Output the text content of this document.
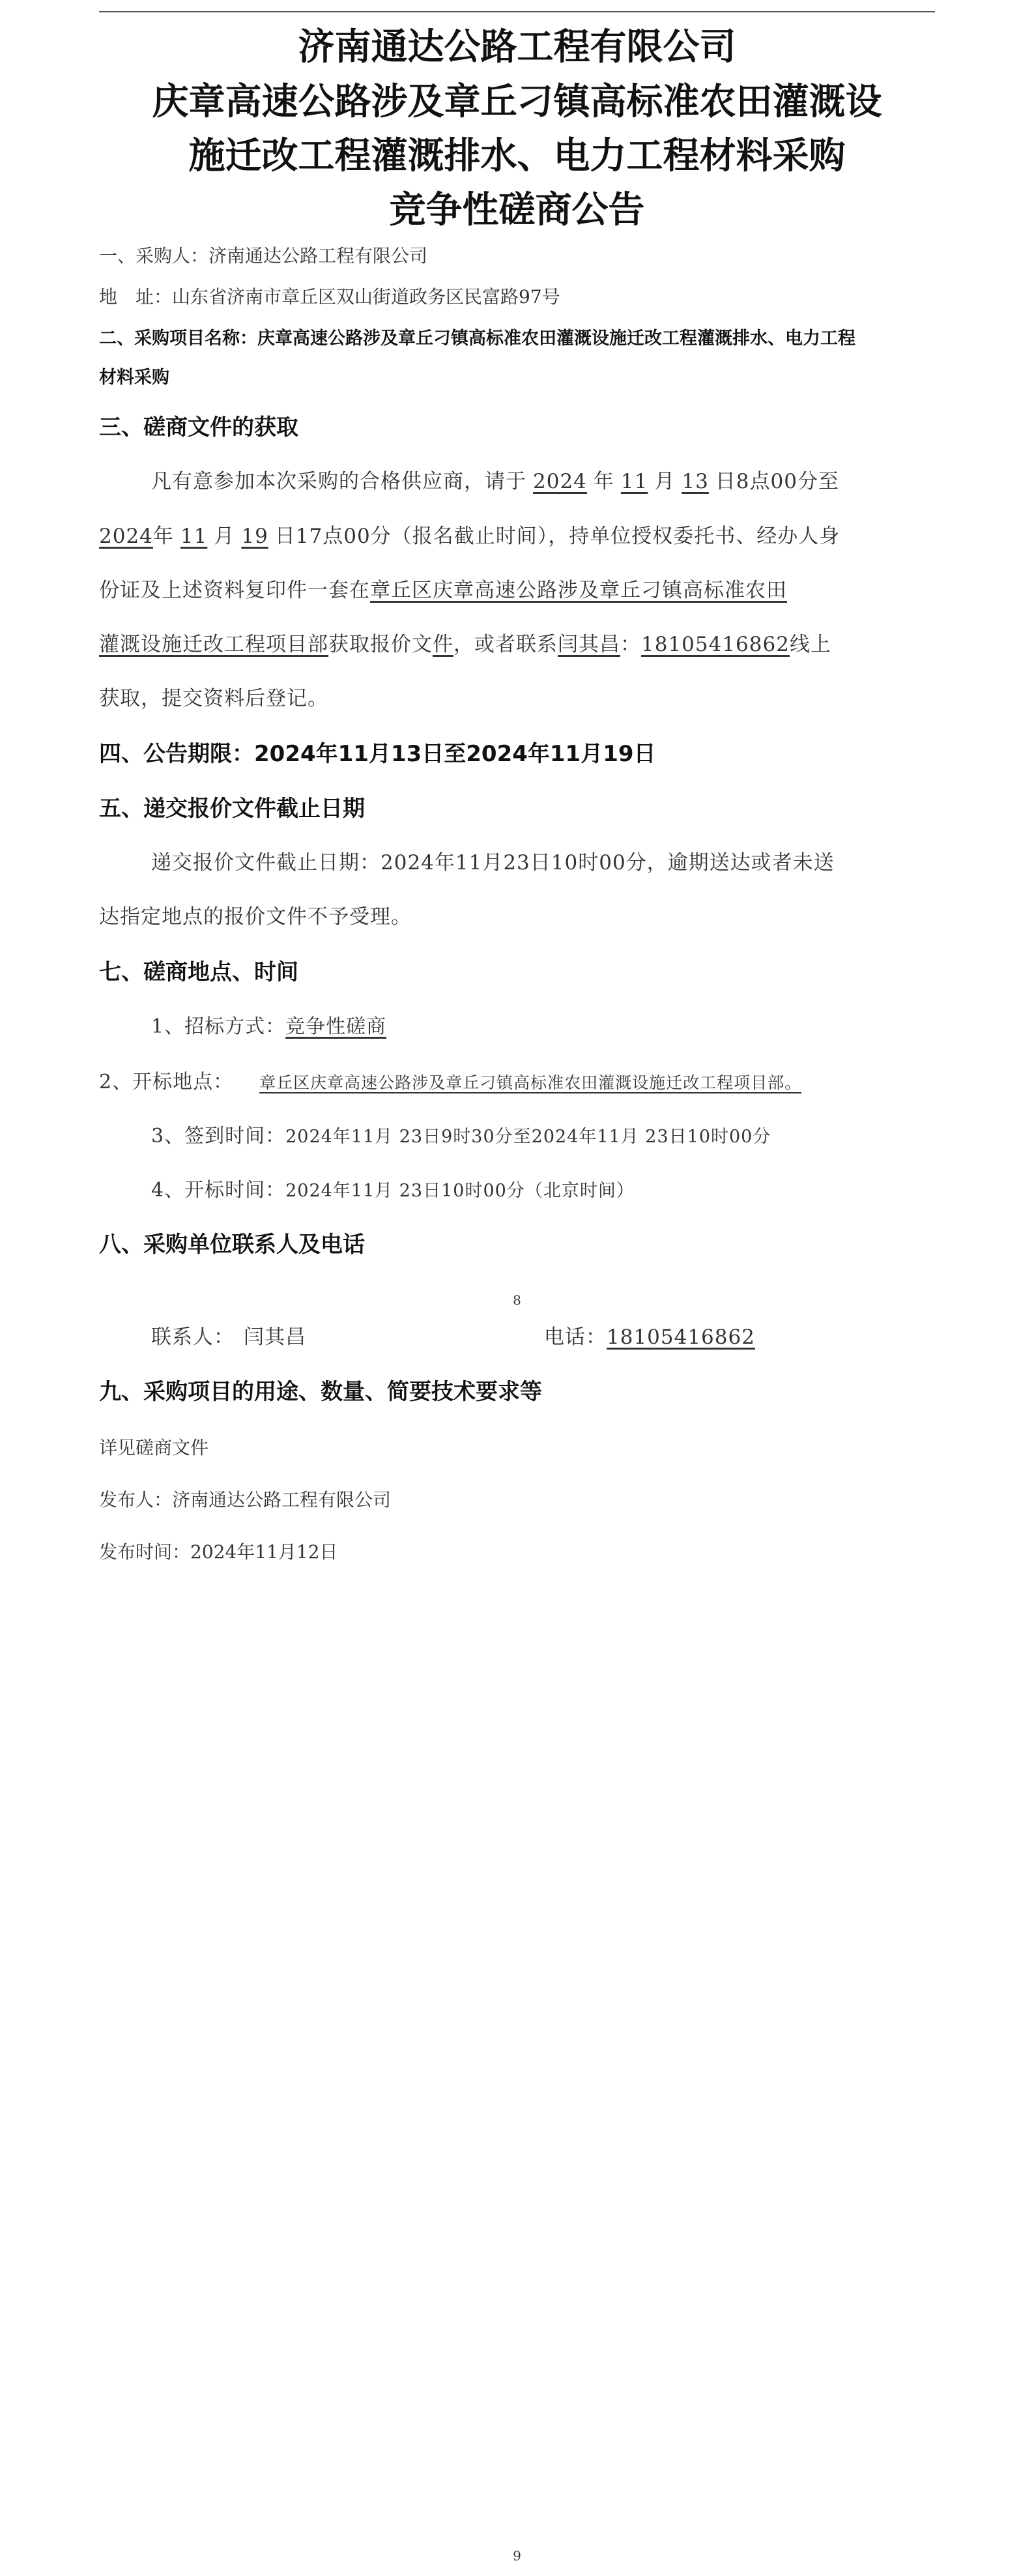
济南通达公路工程有限公司
庆章高速公路涉及章丘刁镇高标准农田灌溉设
施迁改工程灌溉排水、电力工程材料采购
竞争性磋商公告
一、采购人：济南通达公路工程有限公司
地　址：山东省济南市章丘区双山街道政务区民富路97号
二、采购项目名称：庆章高速公路涉及章丘刁镇高标准农田灌溉设施迁改工程灌溉排水、电力工程
材料采购
三、磋商文件的获取
凡有意参加本次采购的合格供应商，请于 2024 年 11 月 13 日8点00分至
2024年 11 月 19 日17点00分（报名截止时间），持单位授权委托书、经办人身
份证及上述资料复印件一套在章丘区庆章高速公路涉及章丘刁镇高标准农田
灌溉设施迁改工程项目部获取报价文件，或者联系闫其昌：18105416862线上
获取，提交资料后登记。
四、公告期限：2024年11月13日至2024年11月19日
五、递交报价文件截止日期
递交报价文件截止日期：2024年11月23日10时00分，逾期送达或者未送
达指定地点的报价文件不予受理。
七、磋商地点、时间
1、招标方式：竞争性磋商
2、开标地点： 章丘区庆章高速公路涉及章丘刁镇高标准农田灌溉设施迁改工程项目部。
3、签到时间：2024年11月 23日9时30分至2024年11月 23日10时00分
4、开标时间：2024年11月 23日10时00分（北京时间）
八、采购单位联系人及电话
8
联系人： 闫其昌	电话：18105416862
九、采购项目的用途、数量、简要技术要求等
详见磋商文件
发布人：济南通达公路工程有限公司
发布时间：2024年11月12日
9
